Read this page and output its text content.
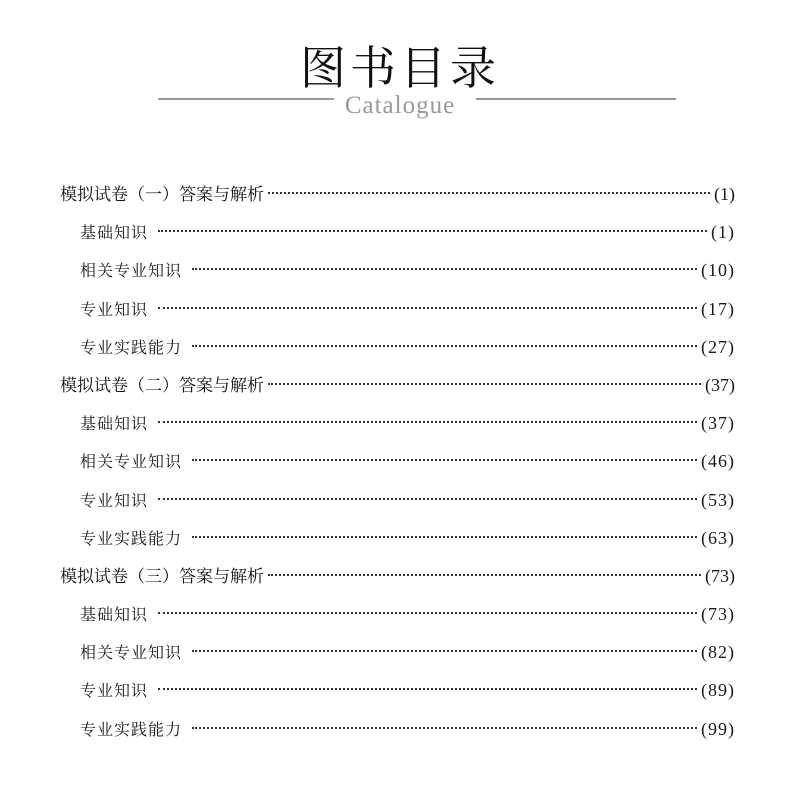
图书目录
Catalogue
模拟试卷（一）答案与解析	(1)
基础知识	(1)
相关专业知识	(10)
专业知识	(17)
专业实践能力	(27)
模拟试卷（二）答案与解析	(37)
基础知识	(37)
相关专业知识	(46)
专业知识	(53)
专业实践能力	(63)
模拟试卷（三）答案与解析	(73)
基础知识	(73)
相关专业知识	(82)
专业知识	(89)
专业实践能力	(99)
